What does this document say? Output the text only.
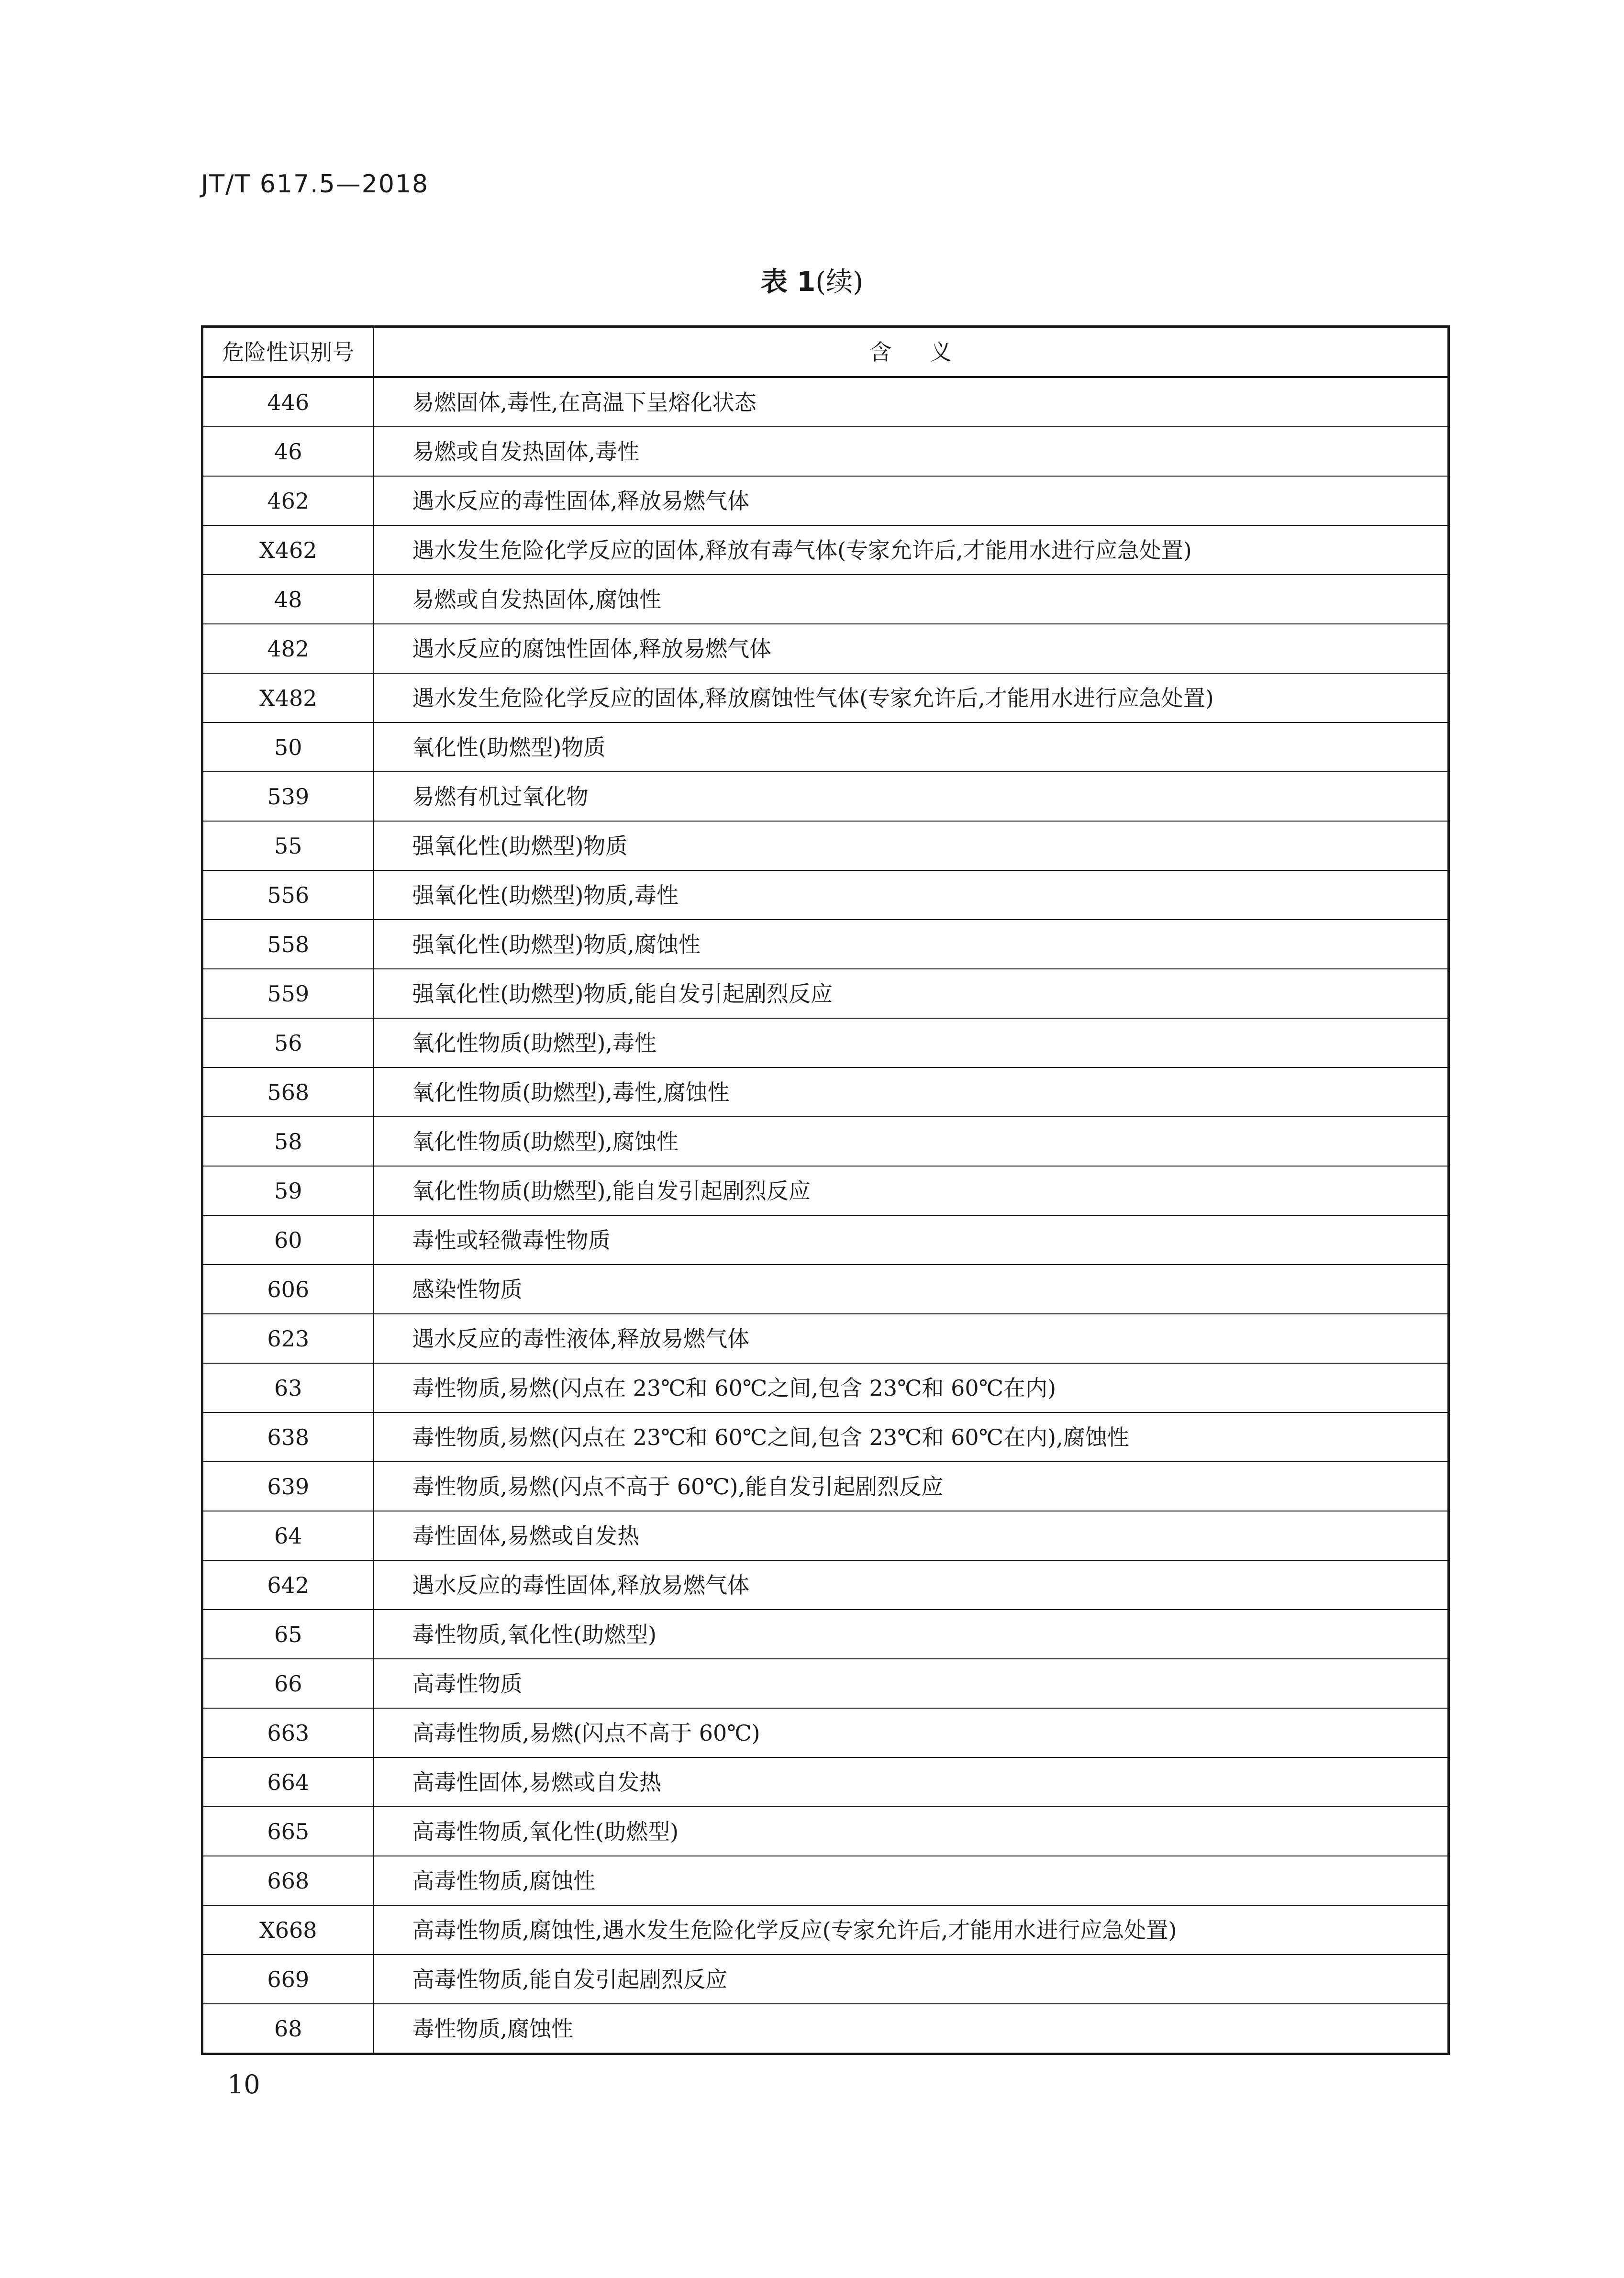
JT/T 617.5—2018

表 1(续)

危险性识别号	含义
446	易燃固体,毒性,在高温下呈熔化状态
46	易燃或自发热固体,毒性
462	遇水反应的毒性固体,释放易燃气体
X462	遇水发生危险化学反应的固体,释放有毒气体(专家允许后,才能用水进行应急处置)
48	易燃或自发热固体,腐蚀性
482	遇水反应的腐蚀性固体,释放易燃气体
X482	遇水发生危险化学反应的固体,释放腐蚀性气体(专家允许后,才能用水进行应急处置)
50	氧化性(助燃型)物质
539	易燃有机过氧化物
55	强氧化性(助燃型)物质
556	强氧化性(助燃型)物质,毒性
558	强氧化性(助燃型)物质,腐蚀性
559	强氧化性(助燃型)物质,能自发引起剧烈反应
56	氧化性物质(助燃型),毒性
568	氧化性物质(助燃型),毒性,腐蚀性
58	氧化性物质(助燃型),腐蚀性
59	氧化性物质(助燃型),能自发引起剧烈反应
60	毒性或轻微毒性物质
606	感染性物质
623	遇水反应的毒性液体,释放易燃气体
63	毒性物质,易燃(闪点在 23℃和 60℃之间,包含 23℃和 60℃在内)
638	毒性物质,易燃(闪点在 23℃和 60℃之间,包含 23℃和 60℃在内),腐蚀性
639	毒性物质,易燃(闪点不高于 60℃),能自发引起剧烈反应
64	毒性固体,易燃或自发热
642	遇水反应的毒性固体,释放易燃气体
65	毒性物质,氧化性(助燃型)
66	高毒性物质
663	高毒性物质,易燃(闪点不高于 60℃)
664	高毒性固体,易燃或自发热
665	高毒性物质,氧化性(助燃型)
668	高毒性物质,腐蚀性
X668	高毒性物质,腐蚀性,遇水发生危险化学反应(专家允许后,才能用水进行应急处置)
669	高毒性物质,能自发引起剧烈反应
68	毒性物质,腐蚀性

10
